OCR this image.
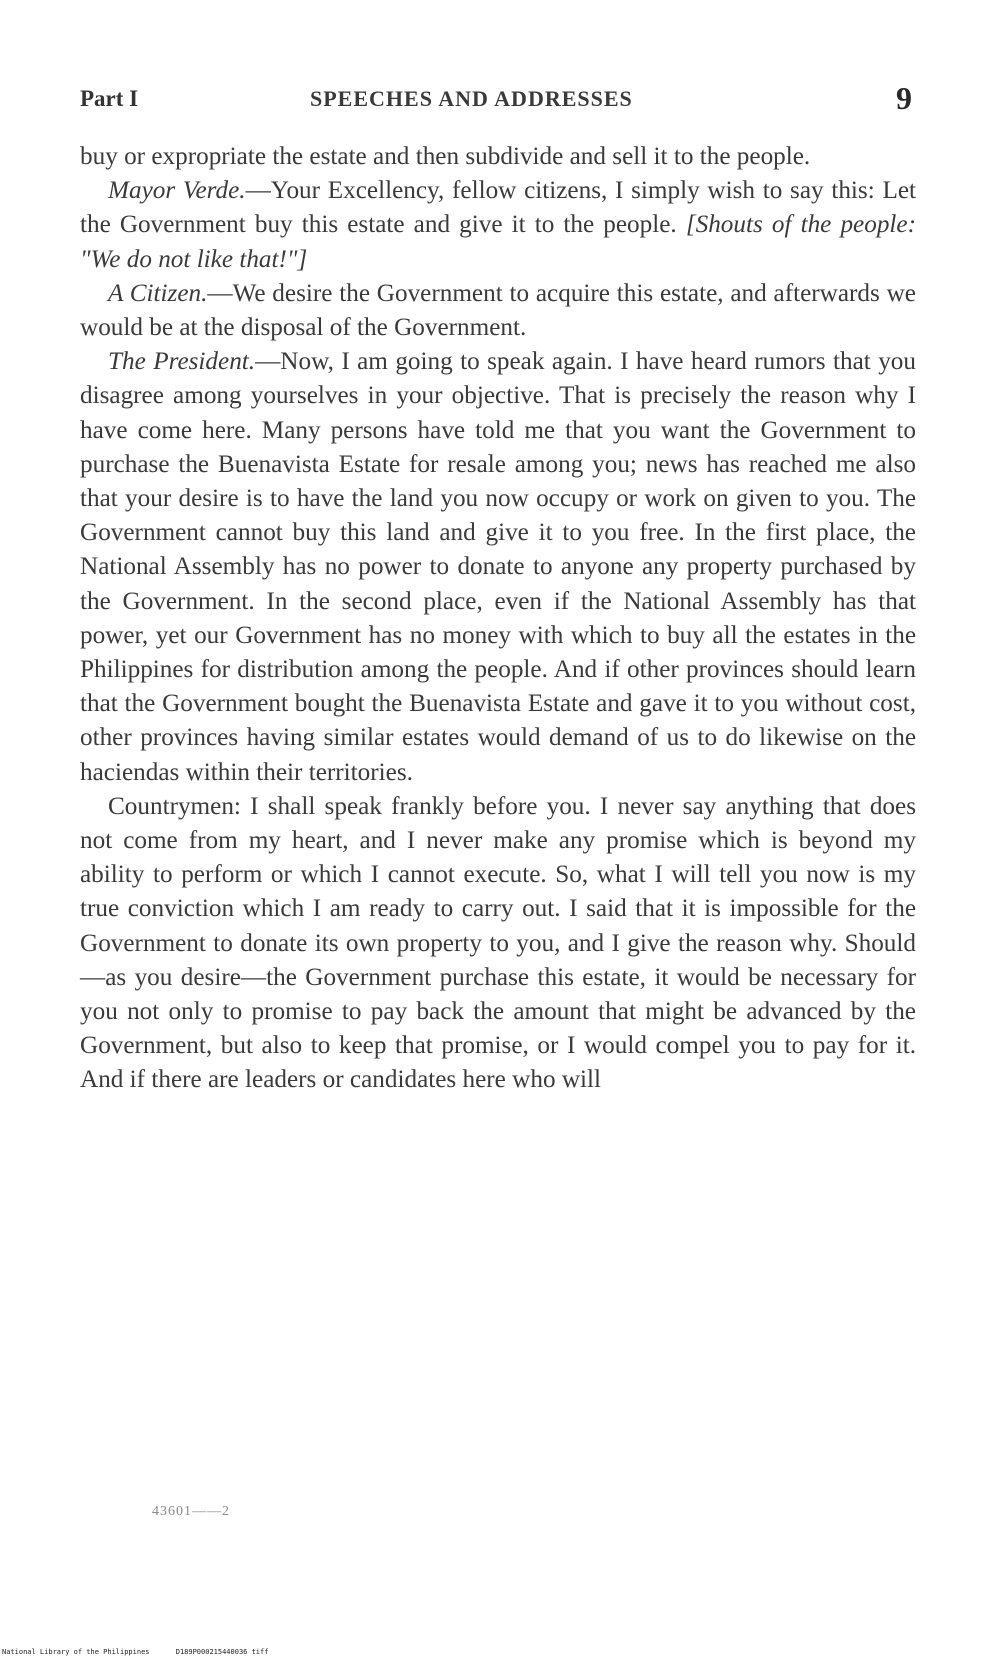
Part I	SPEECHES AND ADDRESSES	9

buy or expropriate the estate and then subdivide and sell it to the people.

Mayor Verde.—Your Excellency, fellow citizens, I simply wish to say this: Let the Government buy this estate and give it to the people. [Shouts of the people: "We do not like that!"]

A Citizen.—We desire the Government to acquire this estate, and afterwards we would be at the disposal of the Government.

The President.—Now, I am going to speak again. I have heard rumors that you disagree among yourselves in your objective. That is precisely the reason why I have come here. Many persons have told me that you want the Government to purchase the Buenavista Estate for resale among you; news has reached me also that your desire is to have the land you now occupy or work on given to you. The Government cannot buy this land and give it to you free. In the first place, the National Assembly has no power to donate to anyone any property purchased by the Government. In the second place, even if the National Assembly has that power, yet our Government has no money with which to buy all the estates in the Philippines for distribution among the people. And if other provinces should learn that the Government bought the Buenavista Estate and gave it to you without cost, other provinces having similar estates would demand of us to do likewise on the haciendas within their territories.

Countrymen: I shall speak frankly before you. I never say anything that does not come from my heart, and I never make any promise which is beyond my ability to perform or which I cannot execute. So, what I will tell you now is my true conviction which I am ready to carry out. I said that it is impossible for the Government to donate its own property to you, and I give the reason why. Should—as you desire—the Government purchase this estate, it would be necessary for you not only to promise to pay back the amount that might be advanced by the Government, but also to keep that promise, or I would compel you to pay for it. And if there are leaders or candidates here who will

43601——2
National Library of the Philippines	D189P000215440036 tiff
